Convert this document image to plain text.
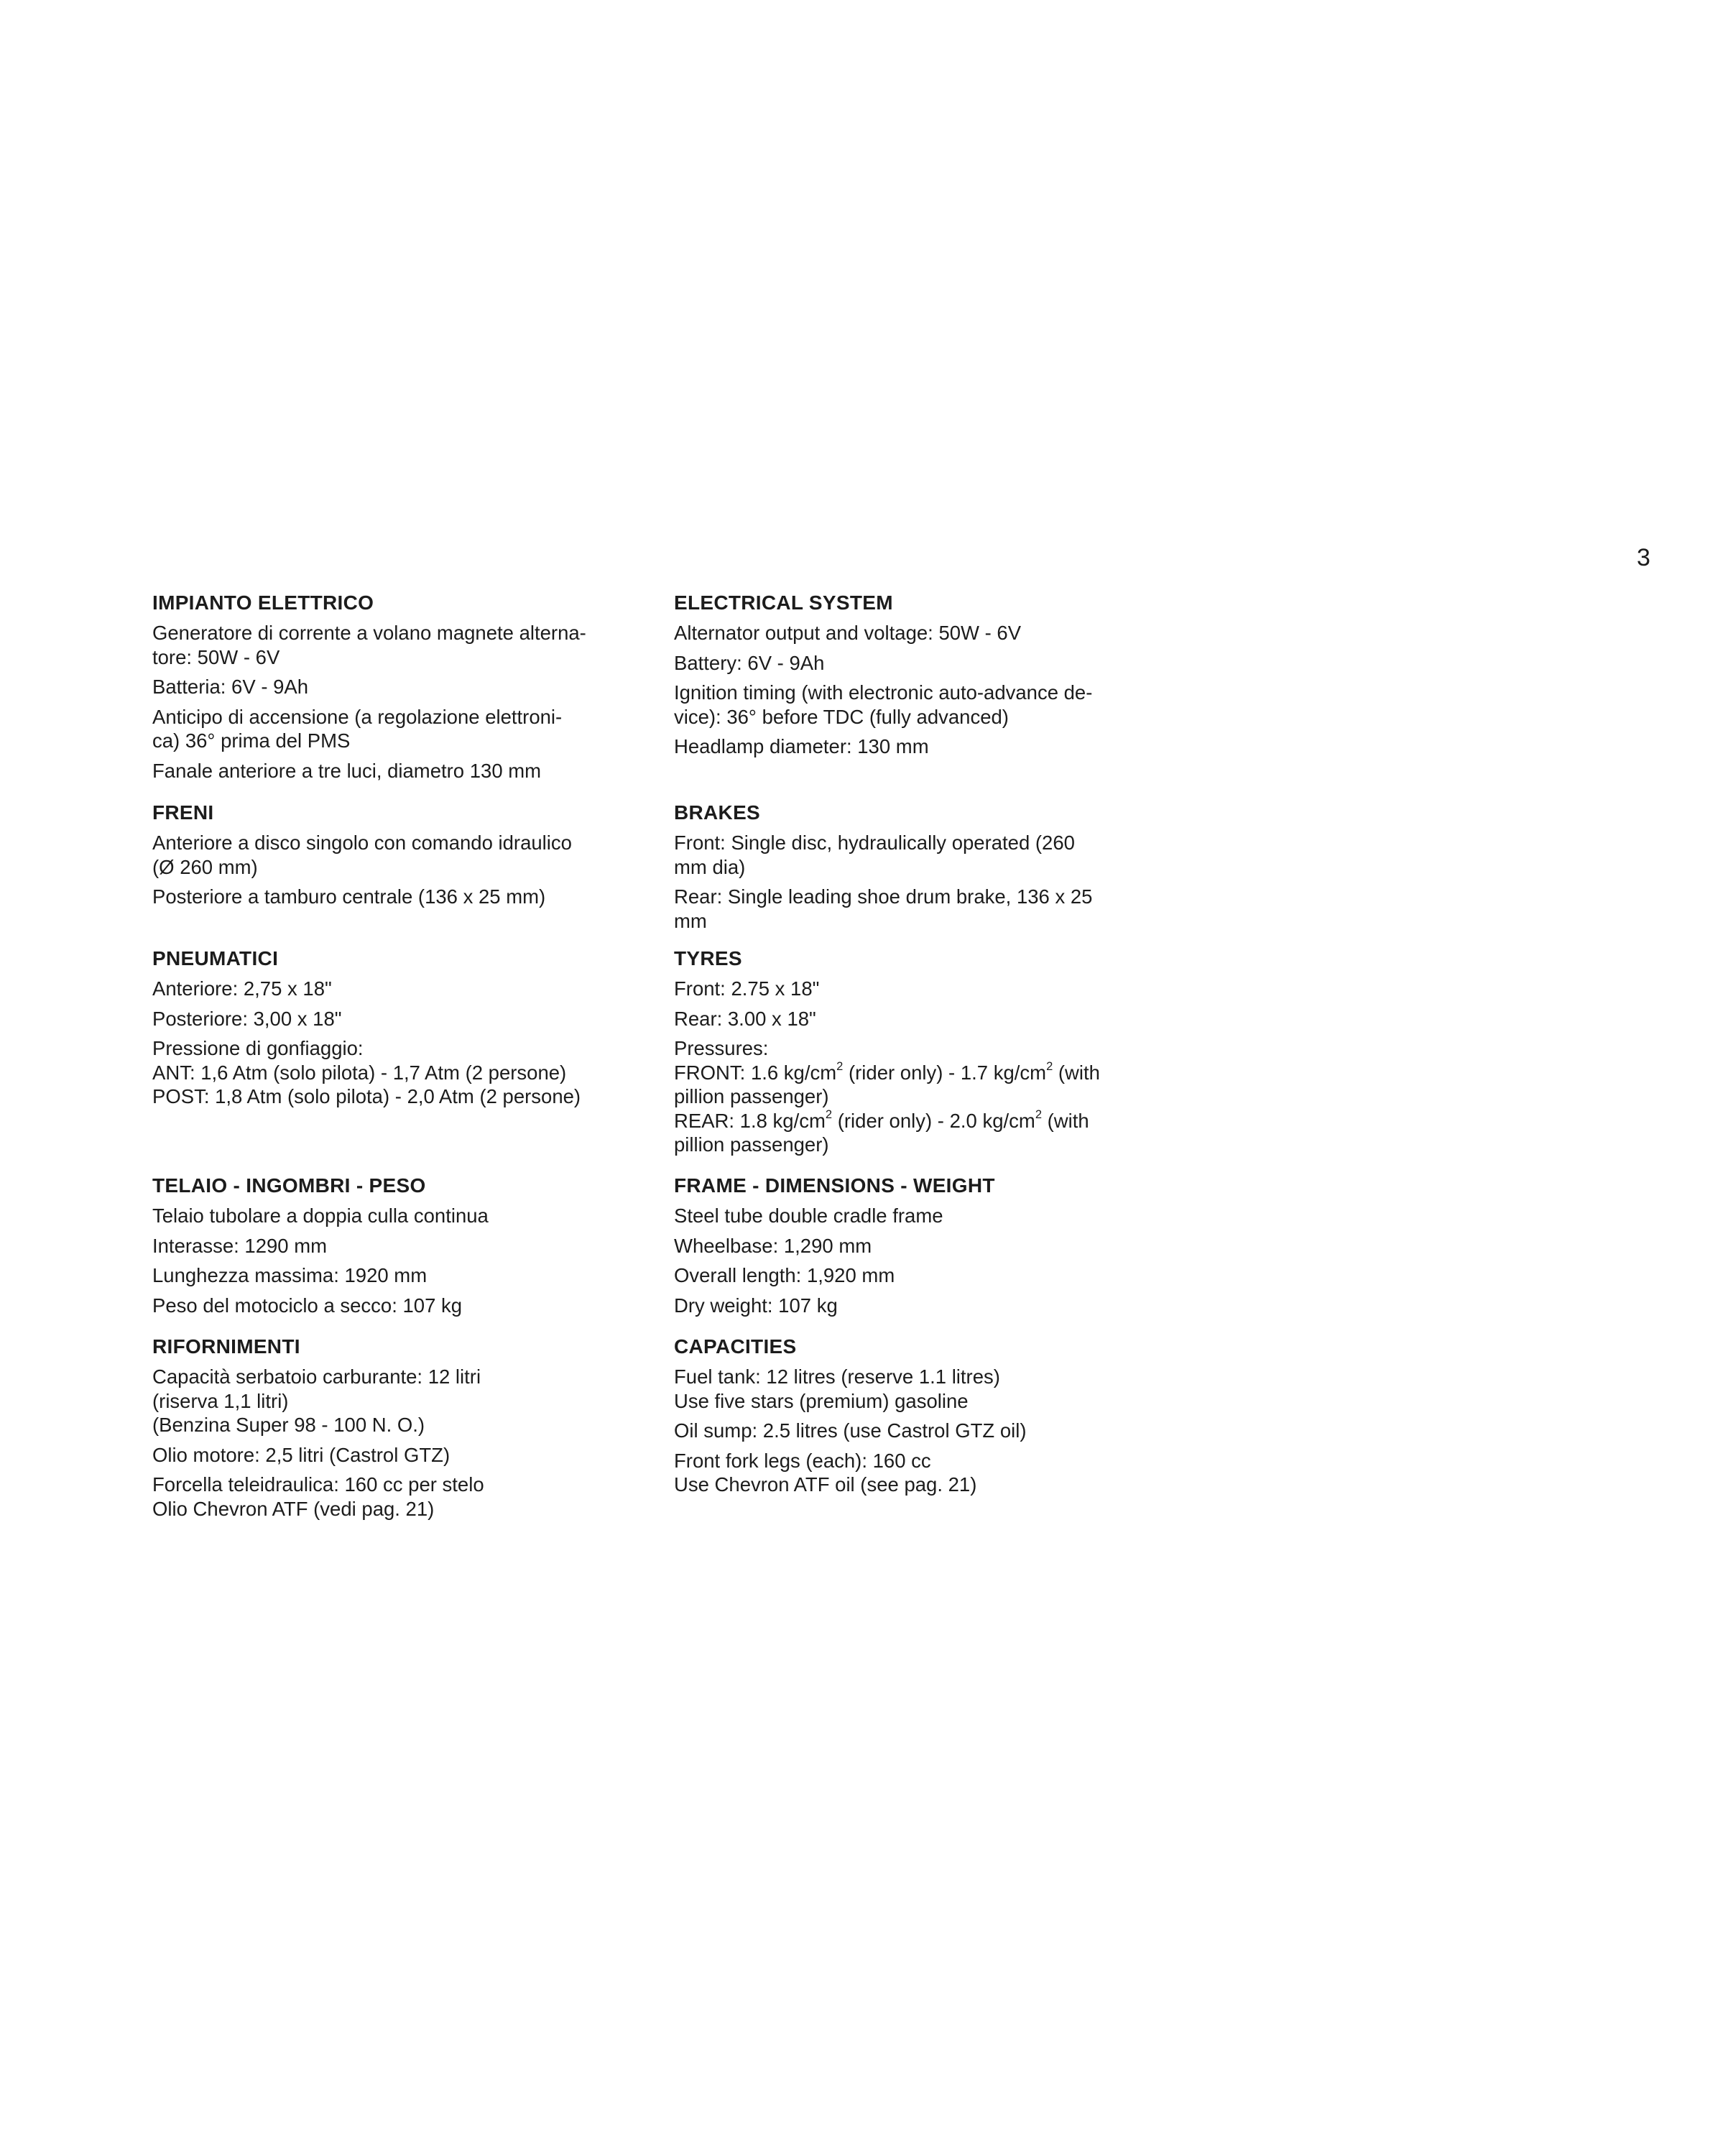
3
IMPIANTO ELETTRICO
Generatore di corrente a volano magnete alterna-
tore: 50W - 6V
Batteria: 6V - 9Ah
Anticipo di accensione (a regolazione elettroni-
ca) 36° prima del PMS
Fanale anteriore a tre luci, diametro 130 mm
FRENI
Anteriore a disco singolo con comando idraulico
(Ø 260 mm)
Posteriore a tamburo centrale (136 x 25 mm)
PNEUMATICI
Anteriore: 2,75 x 18"
Posteriore: 3,00 x 18"
Pressione di gonfiaggio:
ANT: 1,6 Atm (solo pilota) - 1,7 Atm (2 persone)
POST: 1,8 Atm (solo pilota) - 2,0 Atm (2 persone)
TELAIO - INGOMBRI - PESO
Telaio tubolare a doppia culla continua
Interasse: 1290 mm
Lunghezza massima: 1920 mm
Peso del motociclo a secco: 107 kg
RIFORNIMENTI
Capacità serbatoio carburante: 12 litri
(riserva 1,1 litri)
(Benzina Super 98 - 100 N. O.)
Olio motore: 2,5 litri (Castrol GTZ)
Forcella teleidraulica: 160 cc per stelo
Olio Chevron ATF (vedi pag. 21)
ELECTRICAL SYSTEM
Alternator output and voltage: 50W - 6V
Battery: 6V - 9Ah
Ignition timing (with electronic auto-advance de-
vice): 36° before TDC (fully advanced)
Headlamp diameter: 130 mm
BRAKES
Front: Single disc, hydraulically operated (260
mm dia)
Rear: Single leading shoe drum brake, 136 x 25
mm
TYRES
Front: 2.75 x 18"
Rear: 3.00 x 18"
Pressures:
FRONT: 1.6 $kg/cm^2$ (rider only) - 1.7 $kg/cm^2$ (with
pillion passenger)
REAR: 1.8 $kg/cm^2$ (rider only) - 2.0 $kg/cm^2$ (with
pillion passenger)
FRAME - DIMENSIONS - WEIGHT
Steel tube double cradle frame
Wheelbase: 1,290 mm
Overall length: 1,920 mm
Dry weight: 107 kg
CAPACITIES
Fuel tank: 12 litres (reserve 1.1 litres)
Use five stars (premium) gasoline
Oil sump: 2.5 litres (use Castrol GTZ oil)
Front fork legs (each): 160 cc
Use Chevron ATF oil (see pag. 21)
